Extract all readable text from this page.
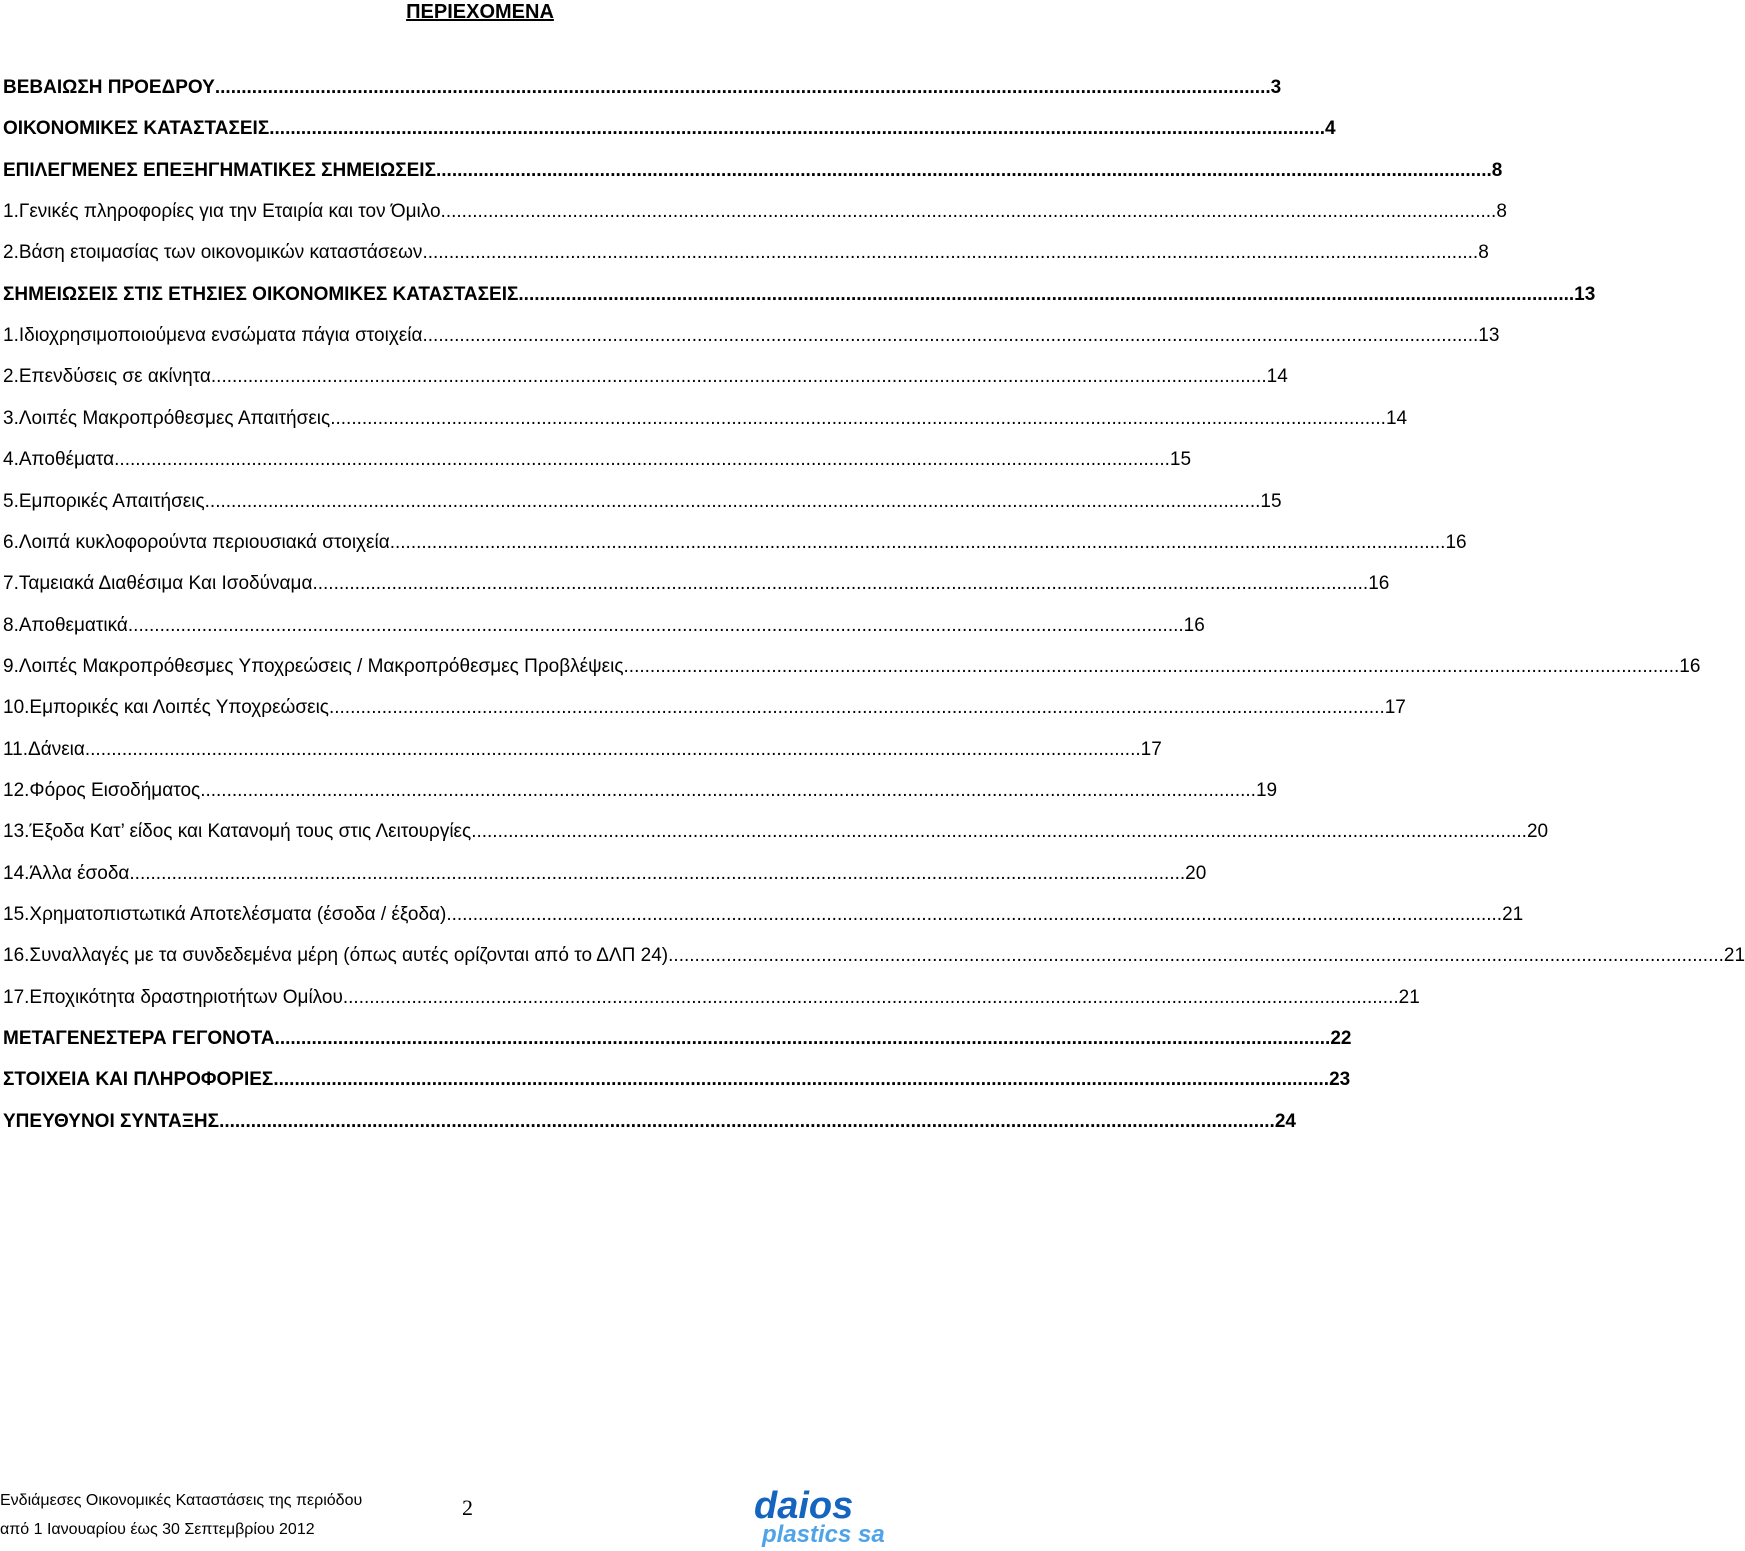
ΠΕΡΙΕΧΟΜΕΝΑ
ΒΕΒΑΙΩΣΗ ΠΡΟΕΔΡΟΥ ........................................................................................................................................................................................................ 3
ΟΙΚΟΝΟΜΙΚΕΣ ΚΑΤΑΣΤΑΣΕΙΣ ........................................................................................................................................................................................................ 4
ΕΠΙΛΕΓΜΕΝΕΣ ΕΠΕΞΗΓΗΜΑΤΙΚΕΣ ΣΗΜΕΙΩΣΕΙΣ ........................................................................................................................................................................................................ 8
1. Γενικές πληροφορίες για την Εταιρία και τον Όμιλο ........................................................................................................................................................................................................ 8
2. Βάση ετοιμασίας των οικονομικών καταστάσεων ........................................................................................................................................................................................................ 8
ΣΗΜΕΙΩΣΕΙΣ ΣΤΙΣ ΕΤΗΣΙΕΣ ΟΙΚΟΝΟΜΙΚΕΣ ΚΑΤΑΣΤΑΣΕΙΣ ........................................................................................................................................................................................................ 13
1. Ιδιοχρησιμοποιούμενα ενσώματα πάγια στοιχεία ........................................................................................................................................................................................................ 13
2. Επενδύσεις σε ακίνητα ........................................................................................................................................................................................................ 14
3. Λοιπές Μακροπρόθεσμες Απαιτήσεις ........................................................................................................................................................................................................ 14
4. Αποθέματα ........................................................................................................................................................................................................ 15
5. Εμπορικές Απαιτήσεις ........................................................................................................................................................................................................ 15
6. Λοιπά κυκλοφορούντα περιουσιακά στοιχεία ........................................................................................................................................................................................................ 16
7. Ταμειακά Διαθέσιμα Και Ισοδύναμα ........................................................................................................................................................................................................ 16
8. Αποθεματικά ........................................................................................................................................................................................................ 16
9. Λοιπές Μακροπρόθεσμες Υποχρεώσεις / Μακροπρόθεσμες Προβλέψεις ........................................................................................................................................................................................................ 16
10. Εμπορικές και Λοιπές Υποχρεώσεις ........................................................................................................................................................................................................ 17
11. Δάνεια ........................................................................................................................................................................................................ 17
12. Φόρος Εισοδήματος ........................................................................................................................................................................................................ 19
13. Έξοδα Κατ’ είδος και Κατανομή τους στις Λειτουργίες ........................................................................................................................................................................................................ 20
14. Άλλα έσοδα ........................................................................................................................................................................................................ 20
15. Χρηματοπιστωτικά Αποτελέσματα (έσοδα / έξοδα) ........................................................................................................................................................................................................ 21
16. Συναλλαγές με τα συνδεδεμένα μέρη (όπως αυτές ορίζονται από το ΔΛΠ 24) ........................................................................................................................................................................................................ 21
17. Εποχικότητα δραστηριοτήτων Ομίλου ........................................................................................................................................................................................................ 21
ΜΕΤΑΓΕΝΕΣΤΕΡΑ ΓΕΓΟΝΟΤΑ ........................................................................................................................................................................................................ 22
ΣΤΟΙΧΕΙΑ ΚΑΙ ΠΛΗΡΟΦΟΡΙΕΣ ........................................................................................................................................................................................................ 23
ΥΠΕΥΘΥΝΟΙ ΣΥΝΤΑΞΗΣ ........................................................................................................................................................................................................ 24
Ενδιάμεσες Οικονομικές Καταστάσεις της περιόδου
από 1 Ιανουαρίου έως 30 Σεπτεμβρίου 2012
2	daios
plastics sa
